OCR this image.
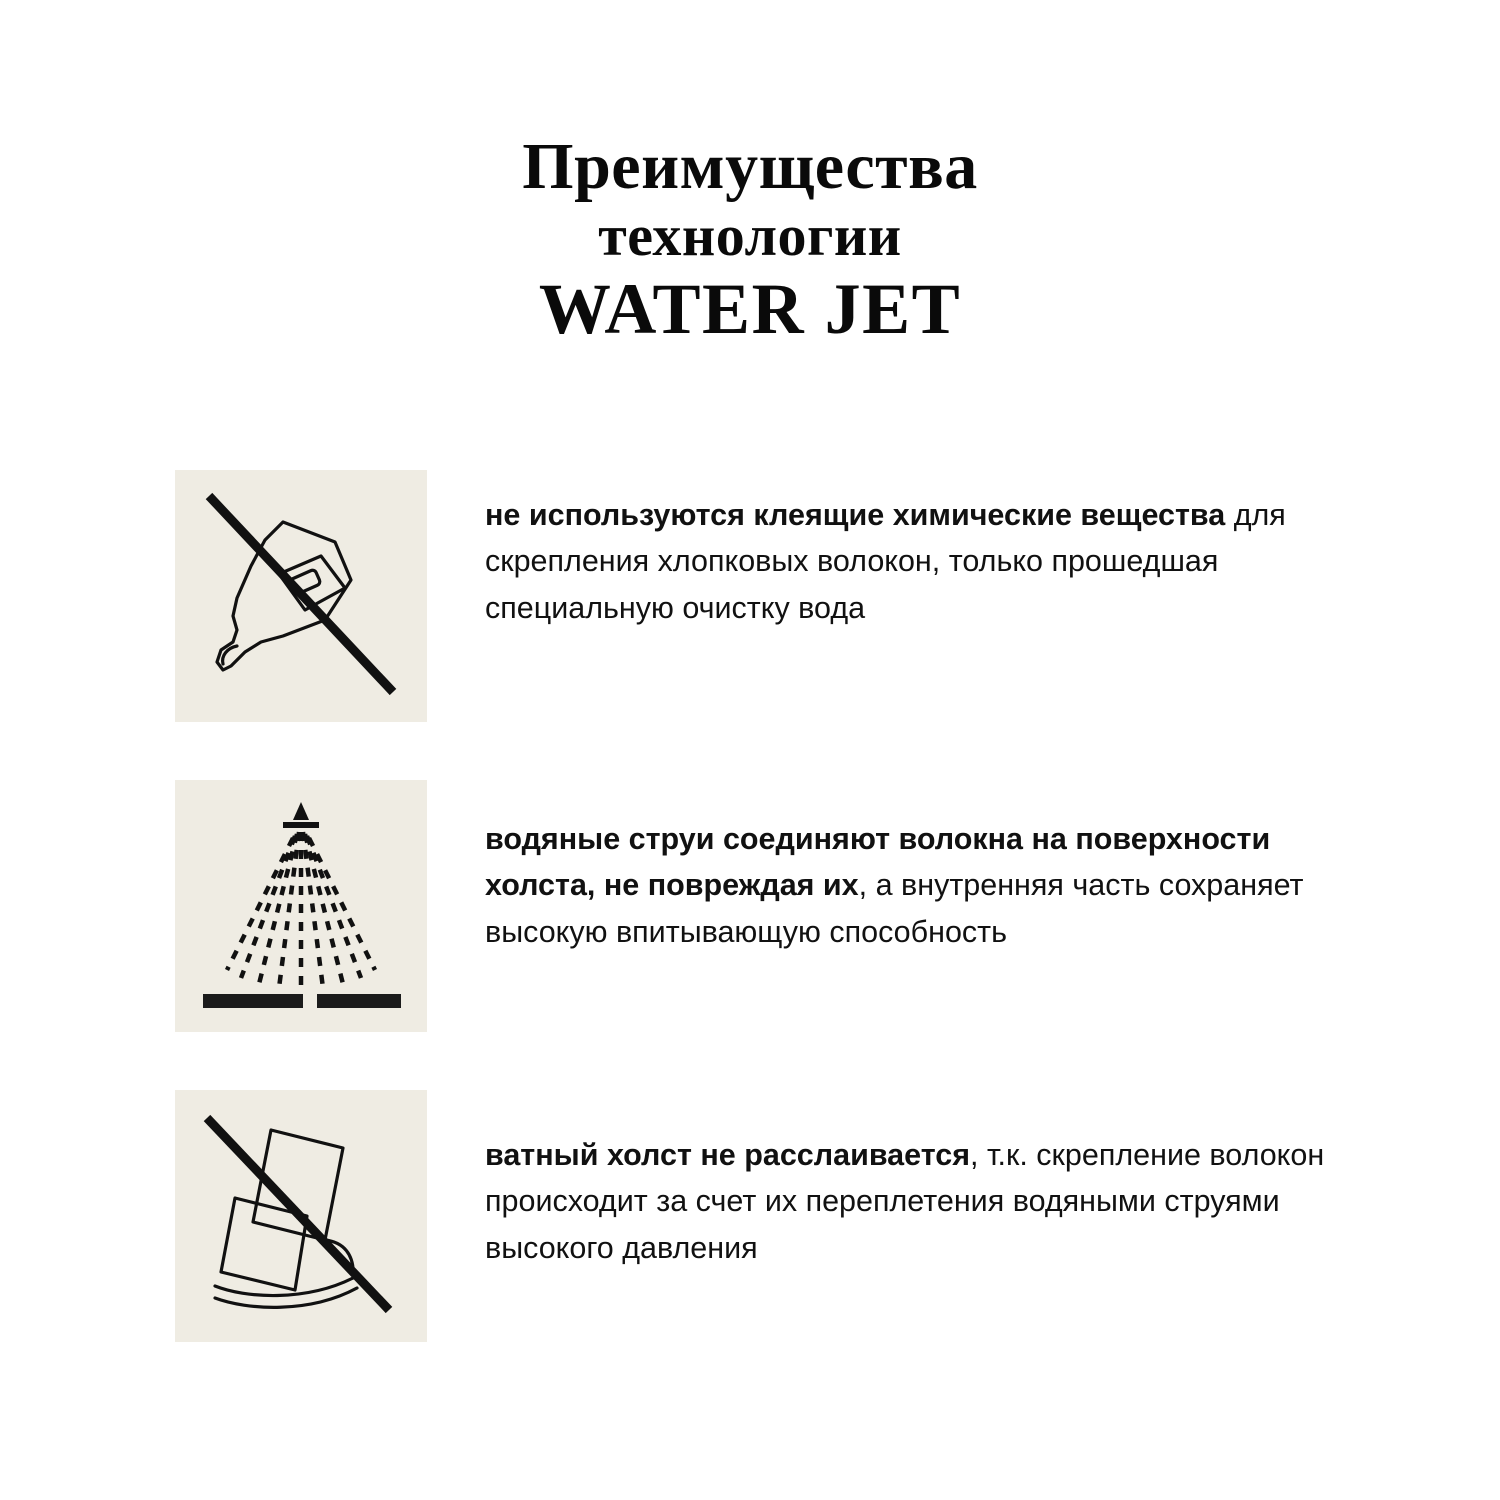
Преимущества
технологии
WATER JET
не используются клеящие химические вещества для скрепления хлопковых волокон, только прошедшая специальную очистку вода
водяные струи соединяют волокна на поверхности холста, не повреждая их, а внутренняя часть сохраняет высокую впитывающую способность
ватный холст не расслаивается, т.к. скрепление волокон происходит за счет их переплетения водяными струями высокого давления
